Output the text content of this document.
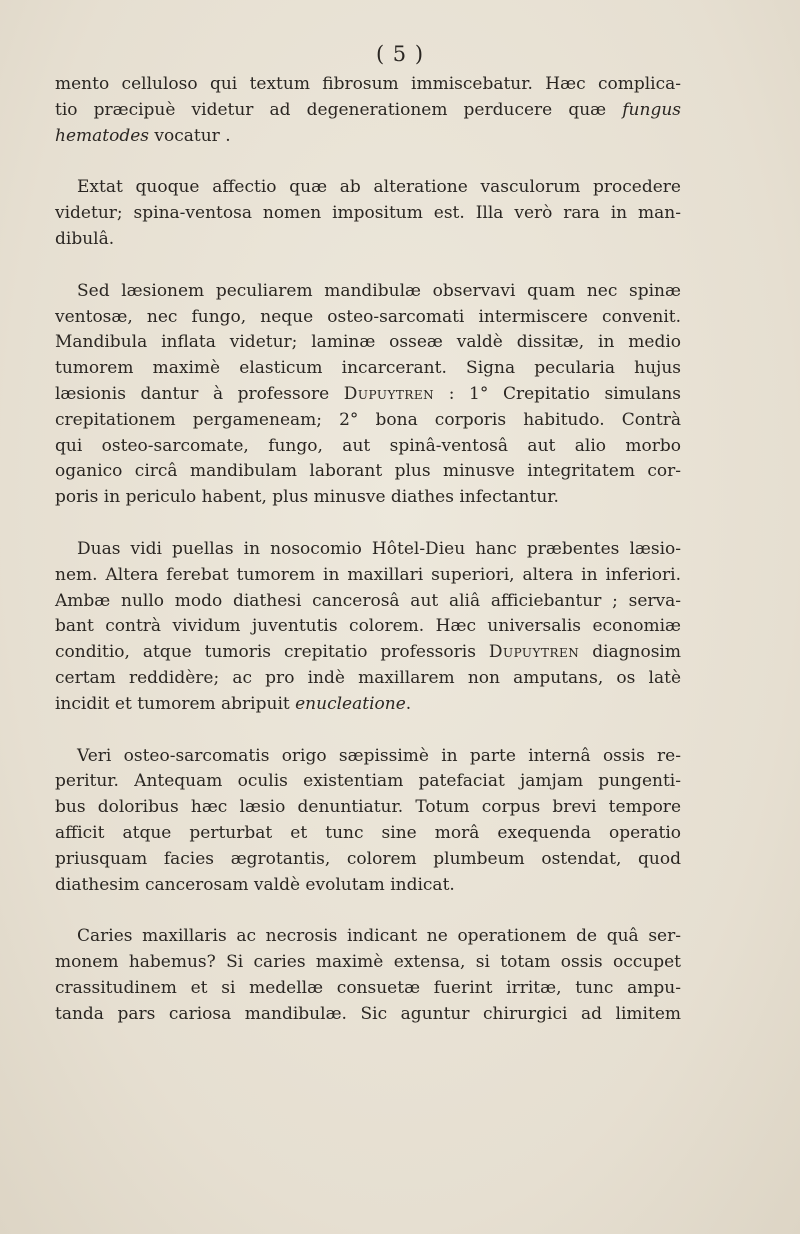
( 5 )

mento celluloso qui textum fibrosum immiscebatur. Hæc complica-
tio præcipuè videtur ad degenerationem perducere quæ fungus
hematodes vocatur .

Extat quoque affectio quæ ab alteratione vasculorum procedere
videtur; spina-ventosa nomen impositum est. Illa verò rara in man-
dibulâ.

Sed læsionem peculiarem mandibulæ observavi quam nec spinæ
ventosæ, nec fungo, neque osteo-sarcomati intermiscere convenit.
Mandibula inflata videtur; laminæ osseæ valdè dissitæ, in medio
tumorem maximè elasticum incarcerant. Signa pecularia hujus
læsionis dantur à professore Dupuytren : 1° Crepitatio simulans
crepitationem pergameneam; 2° bona corporis habitudo. Contrà
qui osteo-sarcomate, fungo, aut spinâ-ventosâ aut alio morbo
oganico circâ mandibulam laborant plus minusve integritatem cor-
poris in periculo habent, plus minusve diathes infectantur.

Duas vidi puellas in nosocomio Hôtel-Dieu hanc præbentes læsio-
nem. Altera ferebat tumorem in maxillari superiori, altera in inferiori.
Ambæ nullo modo diathesi cancerosâ aut aliâ afficiebantur ; serva-
bant contrà vividum juventutis colorem. Hæc universalis economiæ
conditio, atque tumoris crepitatio professoris Dupuytren diagnosim
certam reddidère; ac pro indè maxillarem non amputans, os latè
incidit et tumorem abripuit enucleatione.

Veri osteo-sarcomatis origo sæpissimè in parte internâ ossis re-
peritur. Antequam oculis existentiam patefaciat jamjam pungenti-
bus doloribus hæc læsio denuntiatur. Totum corpus brevi tempore
afficit atque perturbat et tunc sine morâ exequenda operatio
priusquam facies ægrotantis, colorem plumbeum ostendat, quod
diathesim cancerosam valdè evolutam indicat.

Caries maxillaris ac necrosis indicant ne operationem de quâ ser-
monem habemus? Si caries maximè extensa, si totam ossis occupet
crassitudinem et si medellæ consuetæ fuerint irritæ, tunc ampu-
tanda pars cariosa mandibulæ. Sic aguntur chirurgici ad limitem
